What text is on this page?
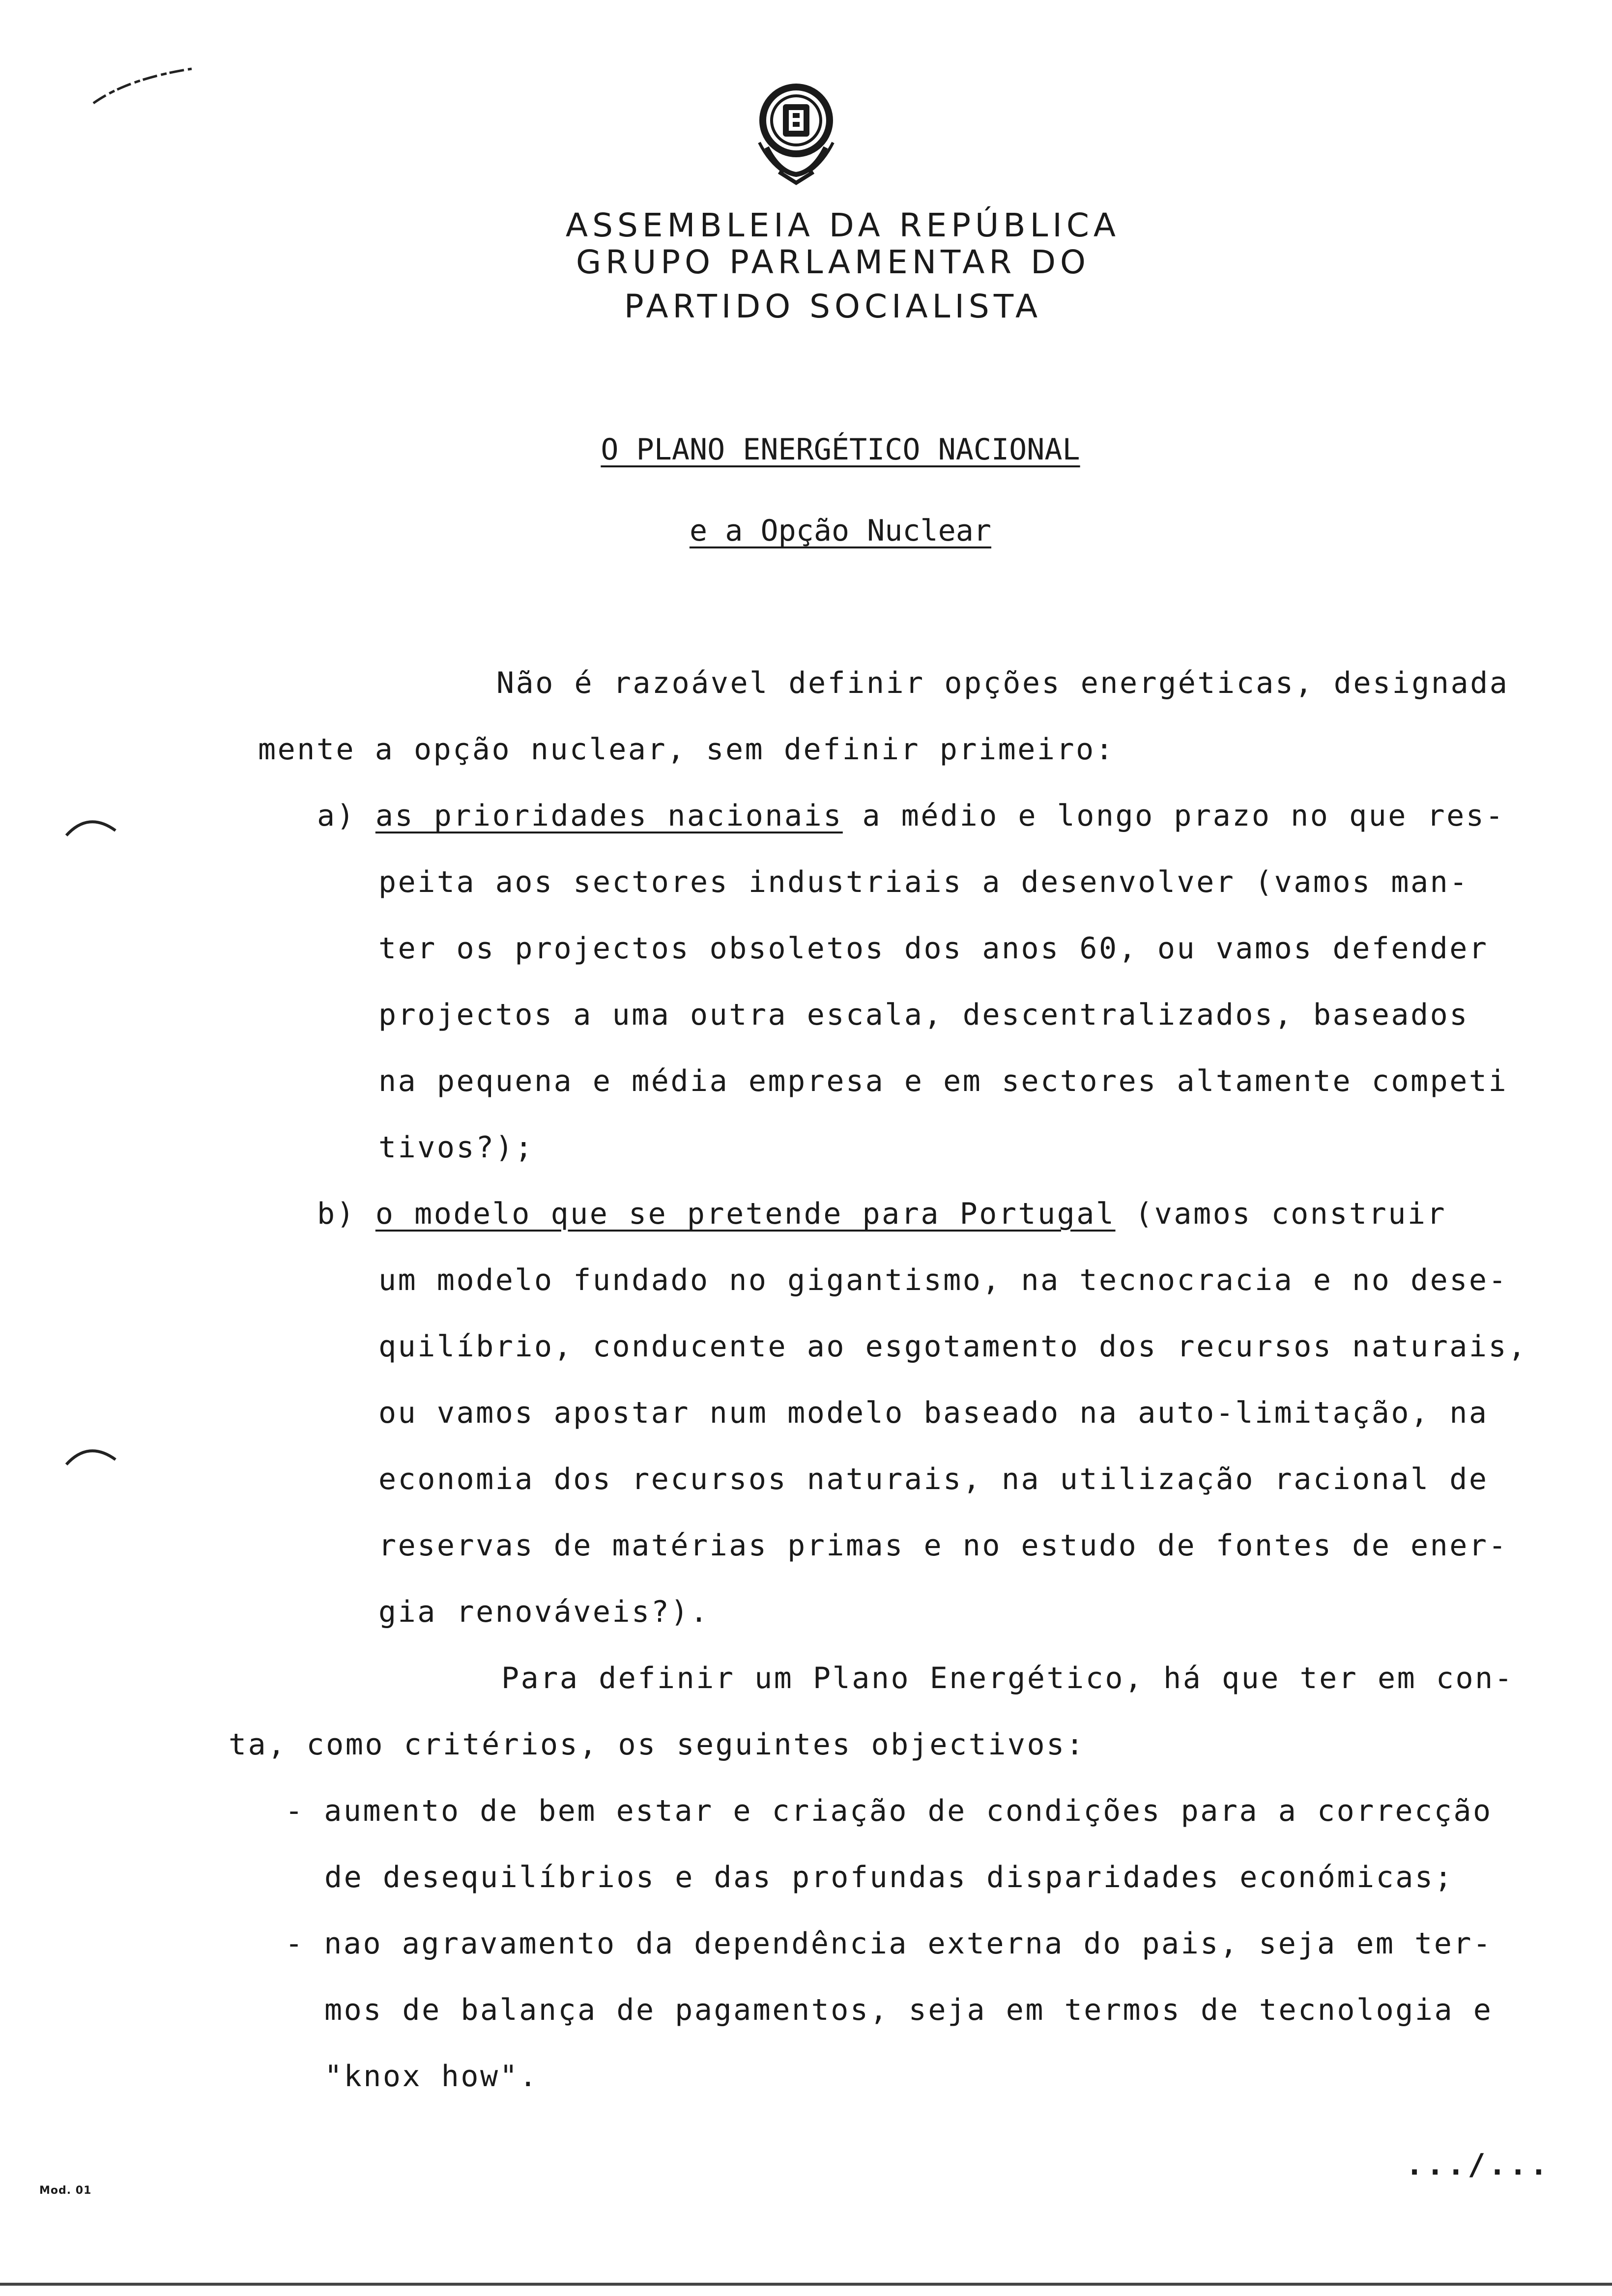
ASSEMBLEIA DA REPÚBLICA
GRUPO PARLAMENTAR DO
PARTIDO SOCIALISTA
O PLANO ENERGÉTICO NACIONAL
e a Opção Nuclear
Não é razoável definir opções energéticas, designada
mente a opção nuclear, sem definir primeiro:
a) as prioridades nacionais a médio e longo prazo no que res-
peita aos sectores industriais a desenvolver (vamos man-
ter os projectos obsoletos dos anos 60, ou vamos defender
projectos a uma outra escala, descentralizados, baseados
na pequena e média empresa e em sectores altamente competi
tivos?);
b) o modelo que se pretende para Portugal (vamos construir
um modelo fundado no gigantismo, na tecnocracia e no dese-
quilíbrio, conducente ao esgotamento dos recursos naturais,
ou vamos apostar num modelo baseado na auto-limitação, na
economia dos recursos naturais, na utilização racional de
reservas de matérias primas e no estudo de fontes de ener-
gia renováveis?).
Para definir um Plano Energético, há que ter em con-
ta, como critérios, os seguintes objectivos:
- aumento de bem estar e criação de condições para a correcção
de desequilíbrios e das profundas disparidades económicas;
- nao agravamento da dependência externa do pais, seja em ter-
mos de balança de pagamentos, seja em termos de tecnologia e
"knox how".
.../...
Mod. 01
